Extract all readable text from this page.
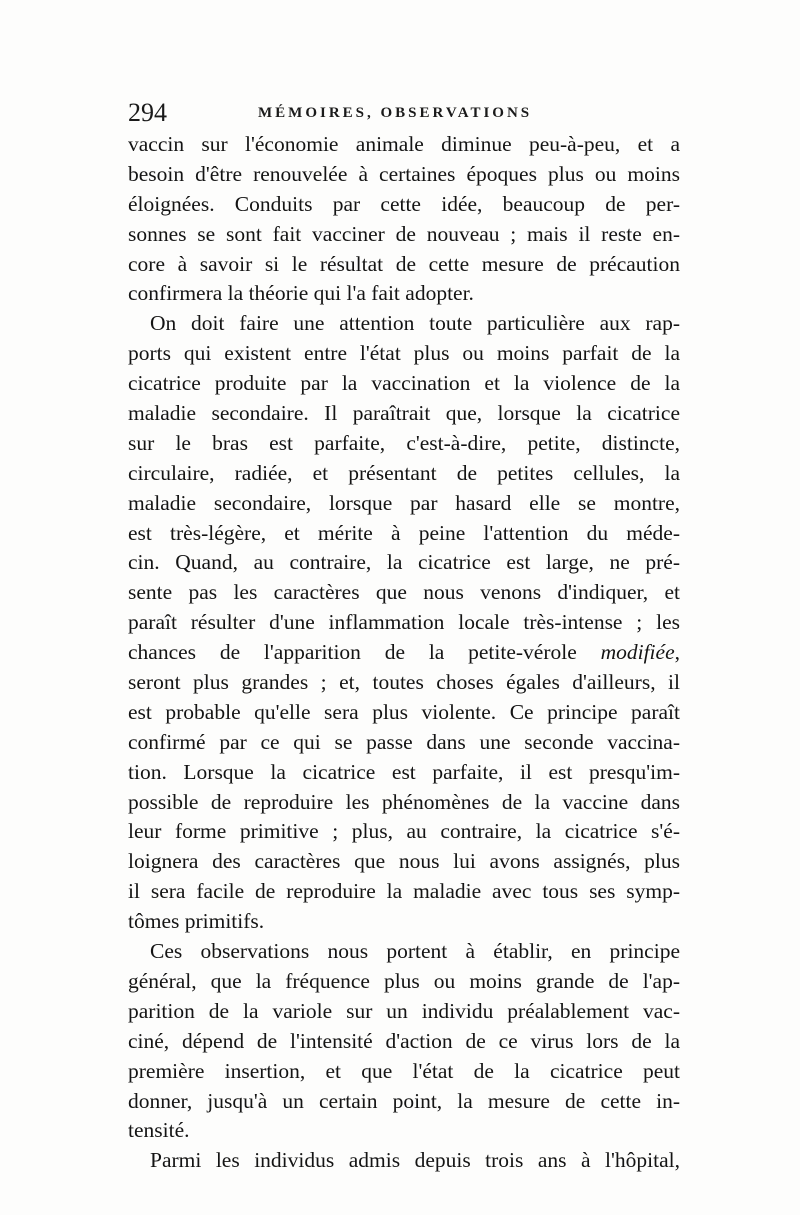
294	MÉMOIRES, OBSERVATIONS
vaccin sur l'économie animale diminue peu-à-peu, et a
besoin d'être renouvelée à certaines époques plus ou moins
éloignées. Conduits par cette idée, beaucoup de per-
sonnes se sont fait vacciner de nouveau ; mais il reste en-
core à savoir si le résultat de cette mesure de précaution
confirmera la théorie qui l'a fait adopter.
On doit faire une attention toute particulière aux rap-
ports qui existent entre l'état plus ou moins parfait de la
cicatrice produite par la vaccination et la violence de la
maladie secondaire. Il paraîtrait que, lorsque la cicatrice
sur le bras est parfaite, c'est-à-dire, petite, distincte,
circulaire, radiée, et présentant de petites cellules, la
maladie secondaire, lorsque par hasard elle se montre,
est très-légère, et mérite à peine l'attention du méde-
cin. Quand, au contraire, la cicatrice est large, ne pré-
sente pas les caractères que nous venons d'indiquer, et
paraît résulter d'une inflammation locale très-intense ; les
chances de l'apparition de la petite-vérole modifiée,
seront plus grandes ; et, toutes choses égales d'ailleurs, il
est probable qu'elle sera plus violente. Ce principe paraît
confirmé par ce qui se passe dans une seconde vaccina-
tion. Lorsque la cicatrice est parfaite, il est presqu'im-
possible de reproduire les phénomènes de la vaccine dans
leur forme primitive ; plus, au contraire, la cicatrice s'é-
loignera des caractères que nous lui avons assignés, plus
il sera facile de reproduire la maladie avec tous ses symp-
tômes primitifs.
Ces observations nous portent à établir, en principe
général, que la fréquence plus ou moins grande de l'ap-
parition de la variole sur un individu préalablement vac-
ciné, dépend de l'intensité d'action de ce virus lors de la
première insertion, et que l'état de la cicatrice peut
donner, jusqu'à un certain point, la mesure de cette in-
tensité.
Parmi les individus admis depuis trois ans à l'hôpital,
